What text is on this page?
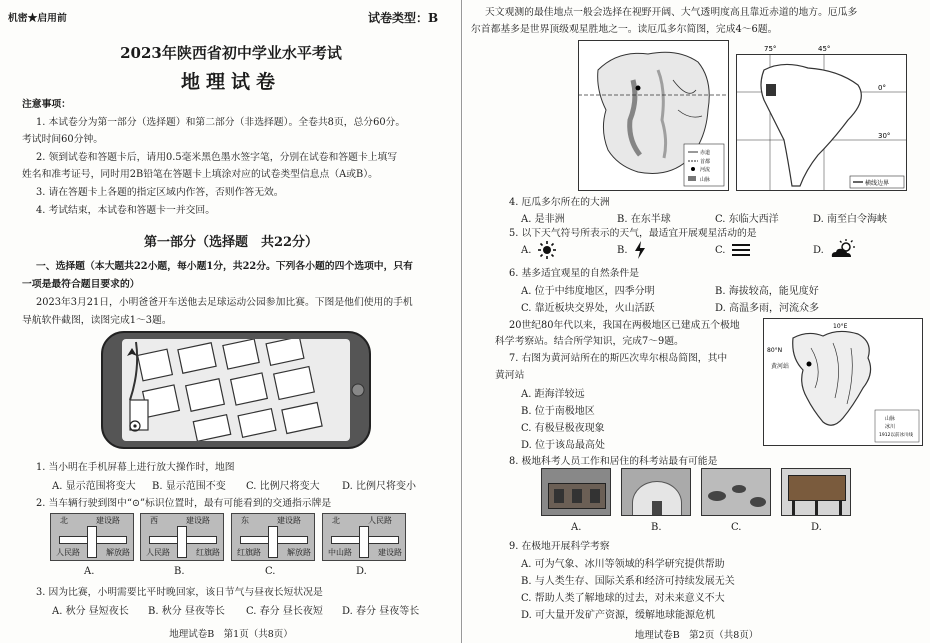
机密★启用前	试卷类型：B
2023年陕西省初中学业水平考试
地理试卷
注意事项：
1. 本试卷分为第一部分（选择题）和第二部分（非选择题）。全卷共8页，总分60分。
考试时间60分钟。
2. 领到试卷和答题卡后，请用0.5毫米黑色墨水签字笔，分别在试卷和答题卡上填写
姓名和准考证号，同时用2B铅笔在答题卡上填涂对应的试卷类型信息点（A或B）。
3. 请在答题卡上各题的指定区域内作答，否则作答无效。
4. 考试结束，本试卷和答题卡一并交回。
第一部分（选择题　共22分）
一、选择题（本大题共22小题，每小题1分，共22分。下列各小题的四个选项中，只有
一项是最符合题目要求的）
2023年3月21日，小明爸爸开车送他去足球运动公园参加比赛。下图是他们使用的手机
导航软件截图，读图完成1～3题。
1. 当小明在手机屏幕上进行放大操作时，地图
A. 显示范围将变大 B. 显示范围不变 C. 比例尺将变大 D. 比例尺将变小
2. 当车辆行驶到图中“⊙”标识位置时，最有可能看到的交通指示牌是
北	建设路
人民路	解放路
西	建设路
人民路	红旗路
东	建设路
红旗路	解放路
北	人民路
中山路	建设路
A.	B.	C.	D.
3. 因为比赛，小明需要比平时晚回家，该日节气与昼夜长短状况是
A. 秋分 昼短夜长 B. 秋分 昼夜等长 C. 春分 昼长夜短 D. 春分 昼夜等长
地理试卷B　第1页（共8页）
天文观测的最佳地点一般会选择在视野开阔、大气透明度高且靠近赤道的地方。厄瓜多
尔首都基多是世界顶级观星胜地之一。读厄瓜多尔简图，完成4～6题。
赤道
首都
河流
山脉
75°	45°
0°
30°
横线边界
4. 厄瓜多尔所在的大洲
A. 是非洲	B. 在东半球	C. 东临大西洋	D. 南至白令海峡
5. 以下天气符号所表示的天气，最适宜开展观星活动的是
A.	B.	C.	D.
6. 基多适宜观星的自然条件是
A. 位于中纬度地区，四季分明	B. 海拔较高，能见度好
C. 靠近板块交界处，火山活跃	D. 高温多雨，河流众多
20世纪80年代以来，我国在两极地区已建成五个极地
科学考察站。结合所学知识，完成7～9题。
7. 右图为黄河站所在的斯匹次卑尔根岛简图，其中
黄河站
A. 距海洋较远
B. 位于南极地区
C. 有极昼极夜现象
D. 位于该岛最高处
10°E
80°N
黄河站
山脉
冰川
1912以前冰川线
8. 极地科考人员工作和居住的科考站最有可能是
A.	B.	C.	D.
9. 在极地开展科学考察
A. 可为气象、冰川等领域的科学研究提供帮助
B. 与人类生存、国际关系和经济可持续发展无关
C. 帮助人类了解地球的过去，对未来意义不大
D. 可大量开发矿产资源，缓解地球能源危机
地理试卷B　第2页（共8页）
